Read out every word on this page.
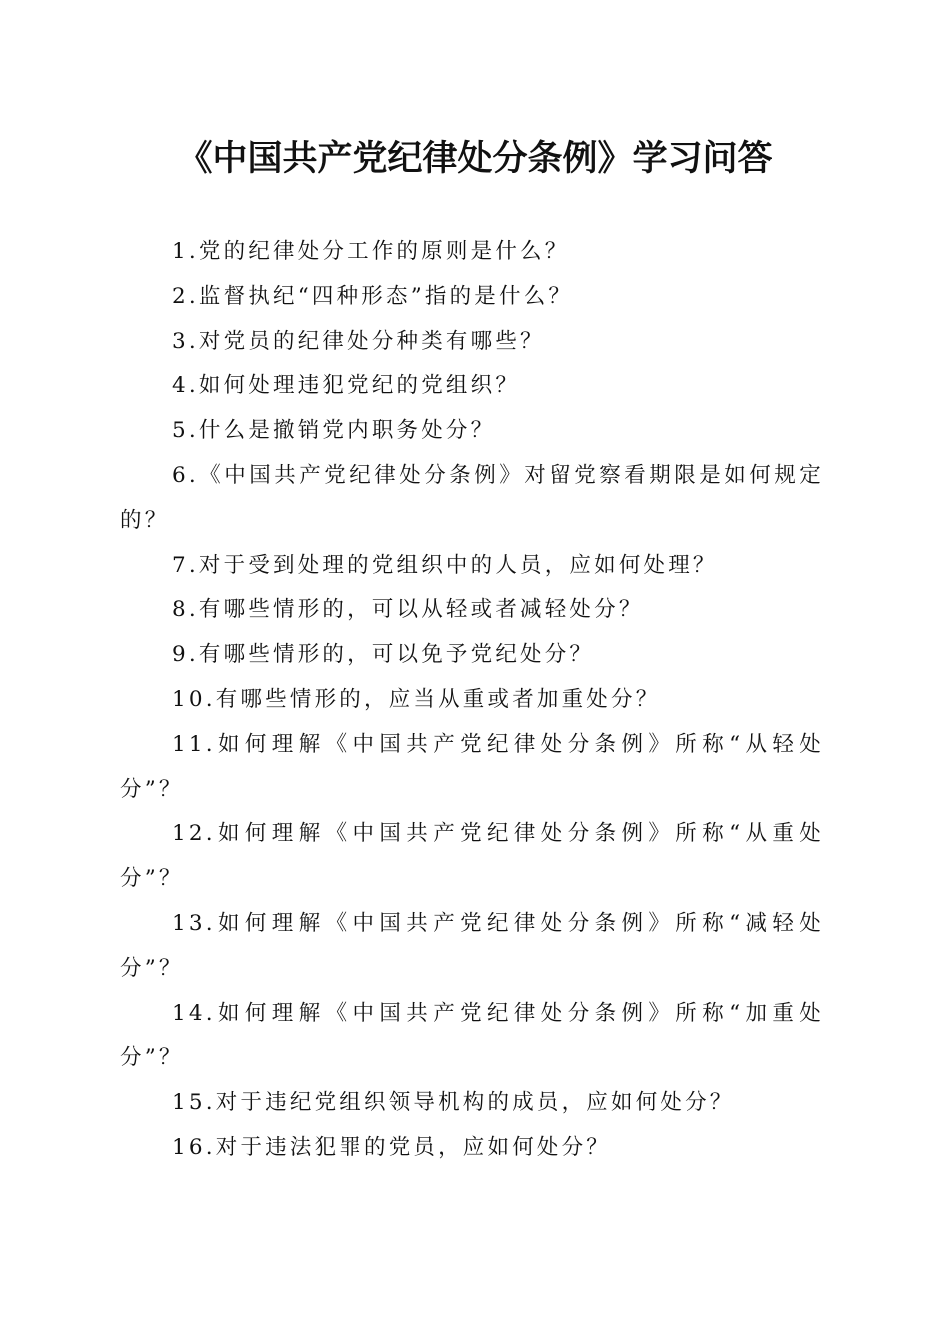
《中国共产党纪律处分条例》学习问答
1.党的纪律处分工作的原则是什么？
2.监督执纪“四种形态”指的是什么？
3.对党员的纪律处分种类有哪些？
4.如何处理违犯党纪的党组织？
5.什么是撤销党内职务处分？
6.《中国共产党纪律处分条例》对留党察看期限是如何规定的？
7.对于受到处理的党组织中的人员，应如何处理？
8.有哪些情形的，可以从轻或者减轻处分？
9.有哪些情形的，可以免予党纪处分？
10.有哪些情形的，应当从重或者加重处分？
11.如何理解《中国共产党纪律处分条例》所称“从轻处分”？
12.如何理解《中国共产党纪律处分条例》所称“从重处分”？
13.如何理解《中国共产党纪律处分条例》所称“减轻处分”？
14.如何理解《中国共产党纪律处分条例》所称“加重处分”？
15.对于违纪党组织领导机构的成员，应如何处分？
16.对于违法犯罪的党员，应如何处分？
